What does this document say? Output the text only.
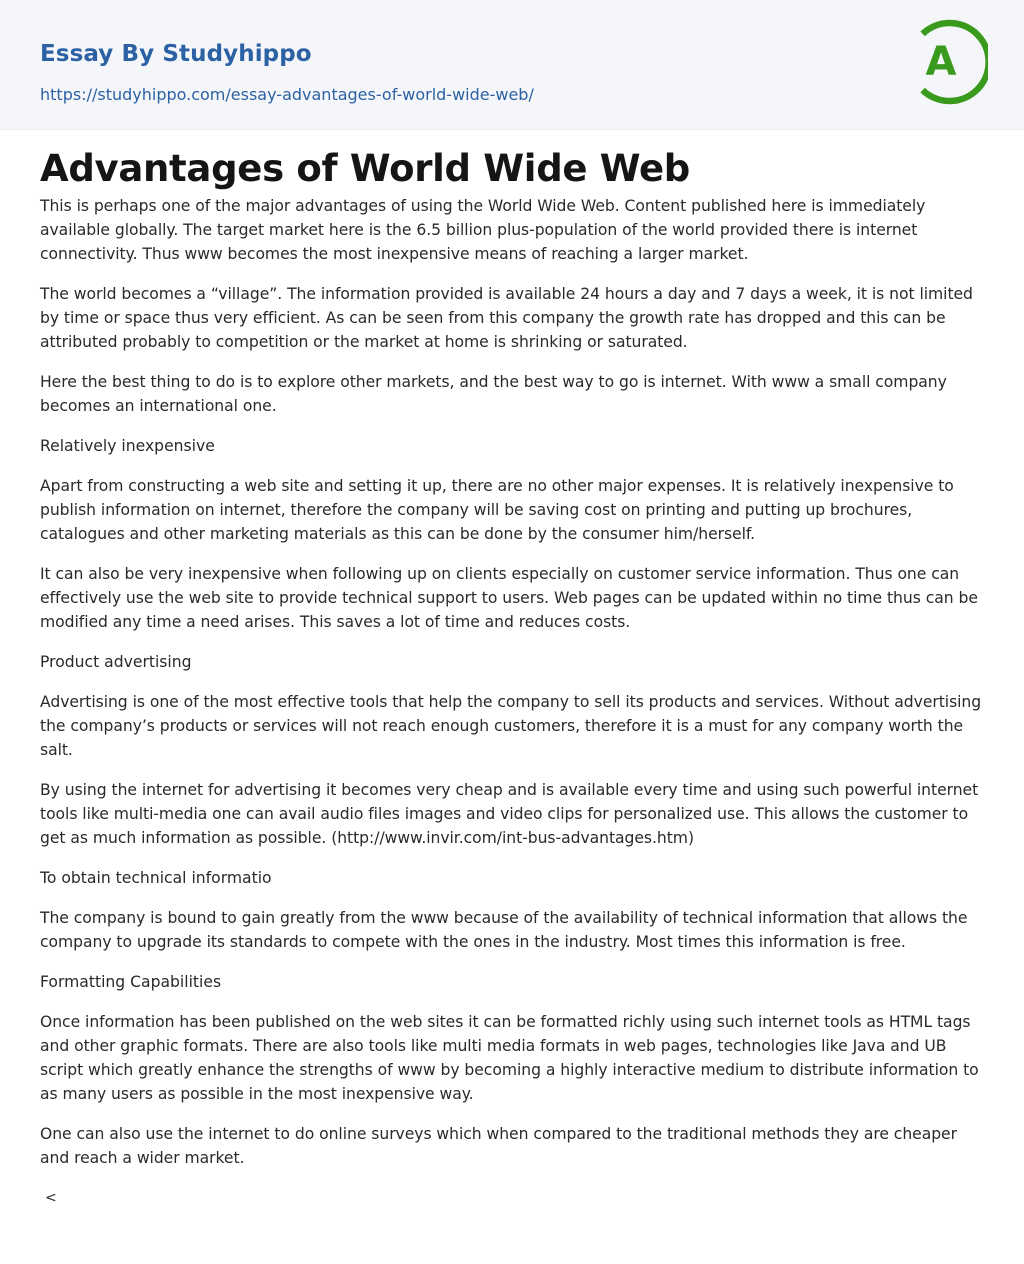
Essay By Studyhippo
https://studyhippo.com/essay-advantages-of-world-wide-web/
A
Advantages of World Wide Web

This is perhaps one of the major advantages of using the World Wide Web. Content published here is immediately available globally. The target market here is the 6.5 billion plus-population of the world provided there is internet connectivity. Thus www becomes the most inexpensive means of reaching a larger market.

The world becomes a “village”. The information provided is available 24 hours a day and 7 days a week, it is not limited by time or space thus very efficient. As can be seen from this company the growth rate has dropped and this can be attributed probably to competition or the market at home is shrinking or saturated.

Here the best thing to do is to explore other markets, and the best way to go is internet. With www a small company becomes an international one.

Relatively inexpensive

Apart from constructing a web site and setting it up, there are no other major expenses. It is relatively inexpensive to publish information on internet, therefore the company will be saving cost on printing and putting up brochures, catalogues and other marketing materials as this can be done by the consumer him/herself.

It can also be very inexpensive when following up on clients especially on customer service information. Thus one can effectively use the web site to provide technical support to users. Web pages can be updated within no time thus can be modified any time a need arises. This saves a lot of time and reduces costs.

Product advertising

Advertising is one of the most effective tools that help the company to sell its products and services. Without advertising the company’s products or services will not reach enough customers, therefore it is a must for any company worth the salt.

By using the internet for advertising it becomes very cheap and is available every time and using such powerful internet tools like multi-media one can avail audio files images and video clips for personalized use. This allows the customer to get as much information as possible. (http://www.invir.com/int-bus-advantages.htm)

To obtain technical informatio

The company is bound to gain greatly from the www because of the availability of technical information that allows the company to upgrade its standards to compete with the ones in the industry. Most times this information is free.

Formatting Capabilities

Once information has been published on the web sites it can be formatted richly using such internet tools as HTML tags and other graphic formats. There are also tools like multi media formats in web pages, technologies like Java and UB script which greatly enhance the strengths of www by becoming a highly interactive medium to distribute information to as many users as possible in the most inexpensive way.

One can also use the internet to do online surveys which when compared to the traditional methods they are cheaper and reach a wider market.

<
